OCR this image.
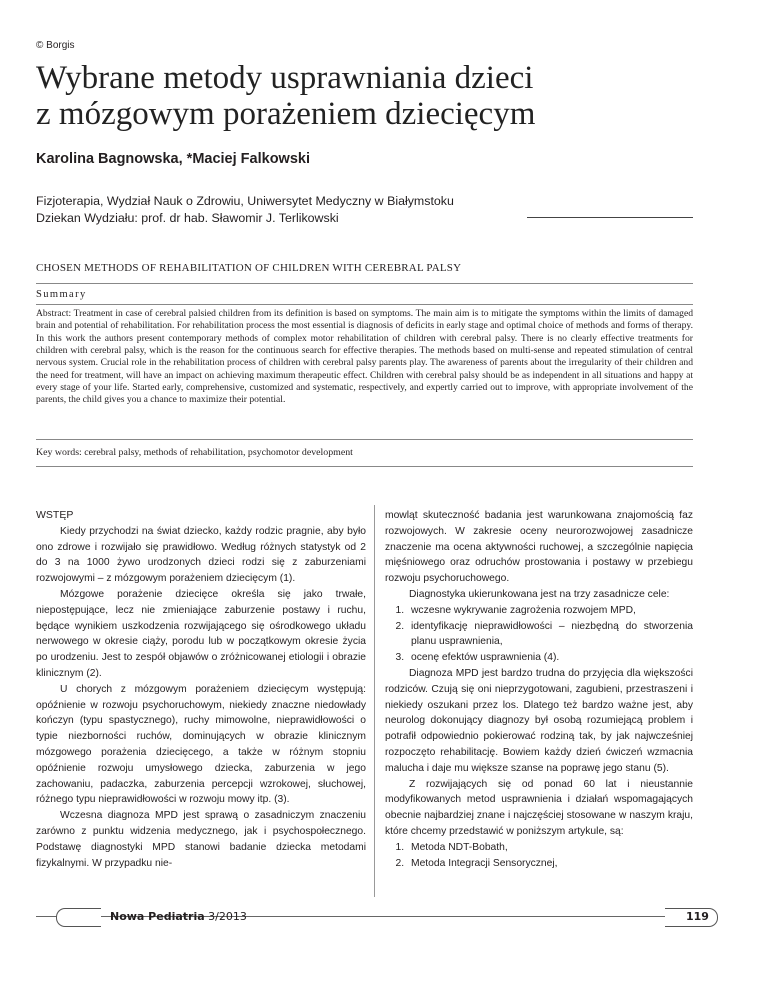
© Borgis
Wybrane metody usprawniania dzieci
z mózgowym porażeniem dziecięcym
Karolina Bagnowska, *Maciej Falkowski
Fizjoterapia, Wydział Nauk o Zdrowiu, Uniwersytet Medyczny w Białymstoku
Dziekan Wydziału: prof. dr hab. Sławomir J. Terlikowski
CHOSEN METHODS OF REHABILITATION OF CHILDREN WITH CEREBRAL PALSY
Summary
Abstract: Treatment in case of cerebral palsied children from its definition is based on symptoms. The main aim is to mitigate the symptoms within the limits of damaged brain and potential of rehabilitation. For rehabilitation process the most essential is diagnosis of deficits in early stage and optimal choice of methods and forms of therapy. In this work the authors present contemporary methods of complex motor rehabilitation of children with cerebral palsy. There is no clearly effective treatments for children with cerebral palsy, which is the reason for the continuous search for effective therapies. The methods based on multi-sense and repeated stimulation of central nervous system. Crucial role in the rehabilitation process of children with cerebral palsy parents play. The awareness of parents about the irregularity of their children and the need for treatment, will have an impact on achieving maximum therapeutic effect. Children with cerebral palsy should be as independent in all situations and happy at every stage of your life. Started early, comprehensive, customized and systematic, respectively, and expertly carried out to improve, with appropriate involvement of the parents, the child gives you a chance to maximize their potential.
Key words: cerebral palsy, methods of rehabilitation, psychomotor development

WSTĘP

Kiedy przychodzi na świat dziecko, każdy rodzic pragnie, aby było ono zdrowe i rozwijało się prawidłowo. Według różnych statystyk od 2 do 3 na 1000 żywo urodzonych dzieci rodzi się z zaburzeniami rozwojowymi – z mózgowym porażeniem dziecięcym (1).

Mózgowe porażenie dziecięce określa się jako trwałe, niepostępujące, lecz nie zmieniające zaburzenie postawy i ruchu, będące wynikiem uszkodzenia rozwijającego się ośrodkowego układu nerwowego w okresie ciąży, porodu lub w początkowym okresie życia po urodzeniu. Jest to zespół objawów o zróżnicowanej etiologii i obrazie klinicznym (2).

U chorych z mózgowym porażeniem dziecięcym występują: opóźnienie w rozwoju psychoruchowym, niekiedy znaczne niedowłady kończyn (typu spastycznego), ruchy mimowolne, nieprawidłowości o typie niezborności ruchów, dominujących w obrazie klinicznym mózgowego porażenia dziecięcego, a także w różnym stopniu opóźnienie rozwoju umysłowego dziecka, zaburzenia w jego zachowaniu, padaczka, zaburzenia percepcji wzrokowej, słuchowej, różnego typu nieprawidłowości w rozwoju mowy itp. (3).

Wczesna diagnoza MPD jest sprawą o zasadniczym znaczeniu zarówno z punktu widzenia medycznego, jak i psychospołecznego. Podstawę diagnostyki MPD stanowi badanie dziecka metodami fizykalnymi. W przypadku nie-

mowląt skuteczność badania jest warunkowana znajomością faz rozwojowych. W zakresie oceny neurorozwojowej zasadnicze znaczenie ma ocena aktywności ruchowej, a szczególnie napięcia mięśniowego oraz odruchów prostowania i postawy w przebiegu rozwoju psychoruchowego.

Diagnostyka ukierunkowana jest na trzy zasadnicze cele:

1. wczesne wykrywanie zagrożenia rozwojem MPD,
2. identyfikację nieprawidłowości – niezbędną do stworzenia planu usprawnienia,
3. ocenę efektów usprawnienia (4).

Diagnoza MPD jest bardzo trudna do przyjęcia dla większości rodziców. Czują się oni nieprzygotowani, zagubieni, przestraszeni i niekiedy oszukani przez los. Dlatego też bardzo ważne jest, aby neurolog dokonujący diagnozy był osobą rozumiejącą problem i potrafił odpowiednio pokierować rodziną tak, by jak najwcześniej rozpoczęto rehabilitację. Bowiem każdy dzień ćwiczeń wzmacnia malucha i daje mu większe szanse na poprawę jego stanu (5).

Z rozwijających się od ponad 60 lat i nieustannie modyfikowanych metod usprawnienia i działań wspomagających obecnie najbardziej znane i najczęściej stosowane w naszym kraju, które chcemy przedstawić w poniższym artykule, są:

1. Metoda NDT-Bobath,
2. Metoda Integracji Sensorycznej,
Nowa Pediatria 3/2013	119
